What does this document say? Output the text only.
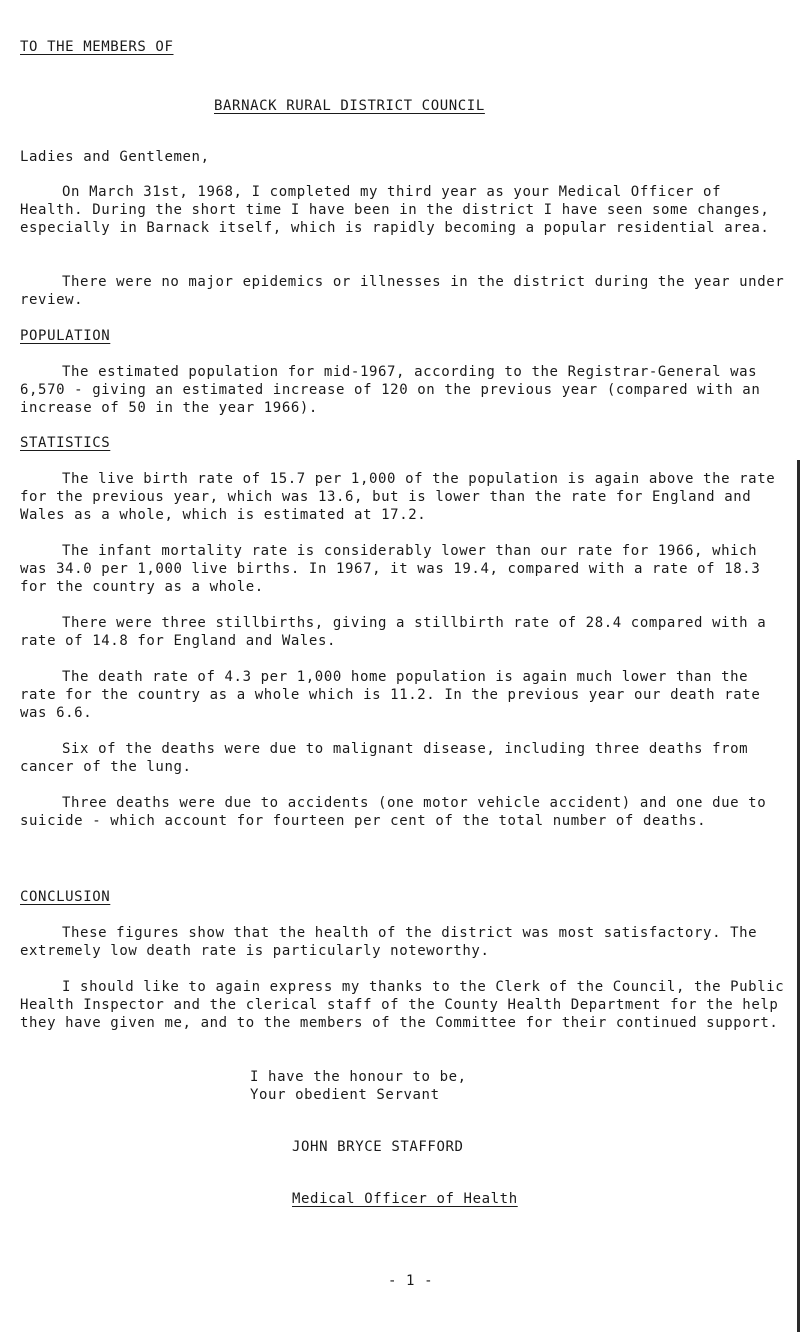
TO THE MEMBERS OF
BARNACK RURAL DISTRICT COUNCIL
Ladies and Gentlemen,

On March 31st, 1968, I completed my third year as your Medical Officer of Health. During the short time I have been in the district I have seen some changes, especially in Barnack itself, which is rapidly becoming a popular residential area.

There were no major epidemics or illnesses in the district during the year under review.

POPULATION

The estimated population for mid-1967, according to the Registrar-General was 6,570 - giving an estimated increase of 120 on the previous year (compared with an increase of 50 in the year 1966).

STATISTICS

The live birth rate of 15.7 per 1,000 of the population is again above the rate for the previous year, which was 13.6, but is lower than the rate for England and Wales as a whole, which is estimated at 17.2.

The infant mortality rate is considerably lower than our rate for 1966, which was 34.0 per 1,000 live births. In 1967, it was 19.4, compared with a rate of 18.3 for the country as a whole.

There were three stillbirths, giving a stillbirth rate of 28.4 compared with a rate of 14.8 for England and Wales.

The death rate of 4.3 per 1,000 home population is again much lower than the rate for the country as a whole which is 11.2. In the previous year our death rate was 6.6.

Six of the deaths were due to malignant disease, including three deaths from cancer of the lung.

Three deaths were due to accidents (one motor vehicle accident) and one due to suicide - which account for fourteen per cent of the total number of deaths.

CONCLUSION

These figures show that the health of the district was most satisfactory. The extremely low death rate is particularly noteworthy.

I should like to again express my thanks to the Clerk of the Council, the Public Health Inspector and the clerical staff of the County Health Department for the help they have given me, and to the members of the Committee for their continued support.

I have the honour to be,
Your obedient Servant
JOHN BRYCE STAFFORD
Medical Officer of Health
- 1 -
